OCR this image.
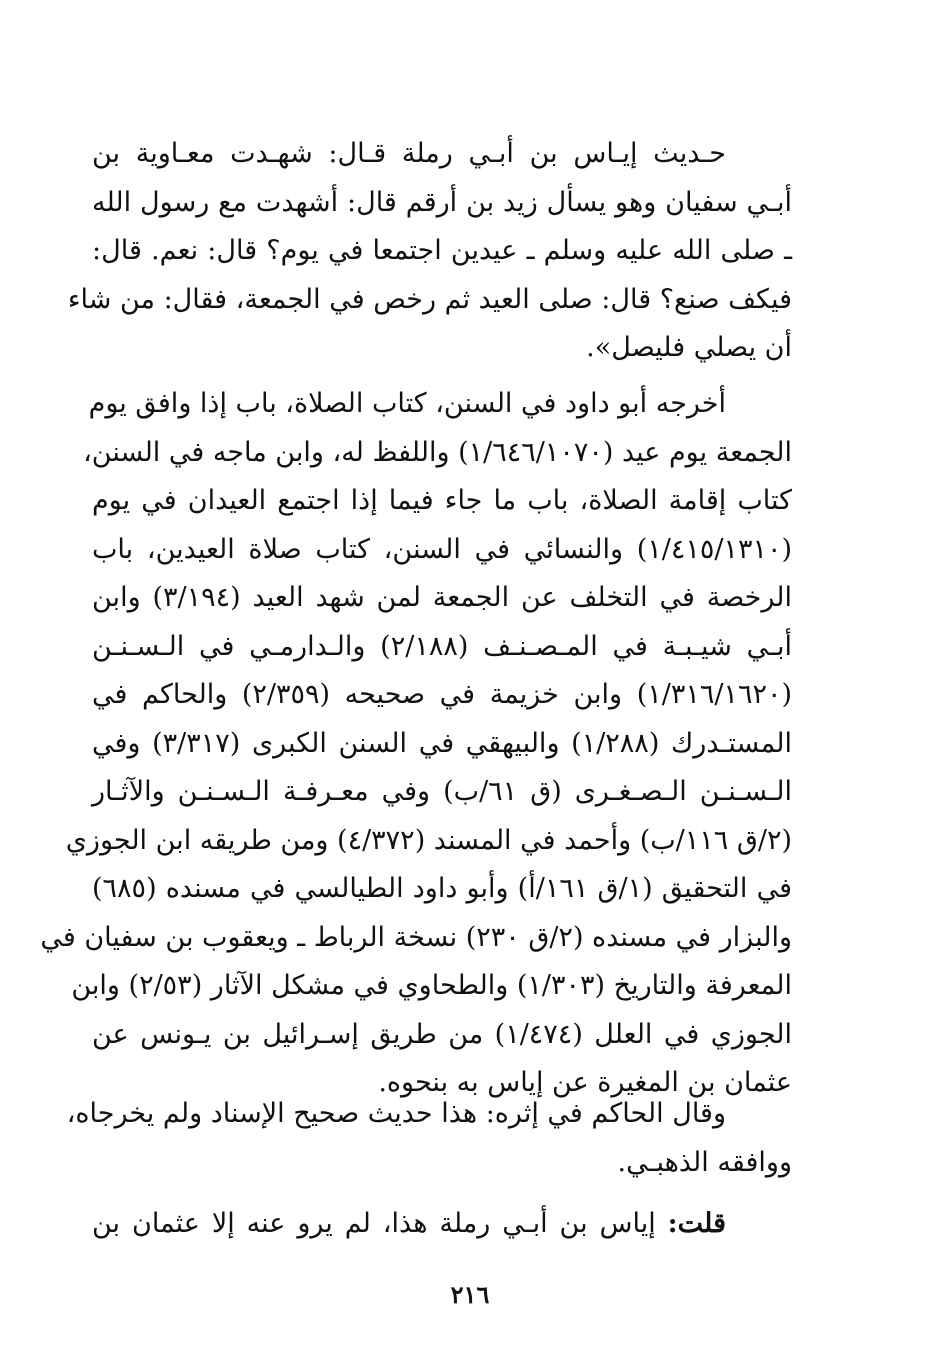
حـديث إيـاس بن أبـي رملة قـال: شهـدت معـاوية بن
أبـي سفيان وهو يسأل زيد بن أرقم قال: أشهدت مع رسول الله
ـ صلى الله عليه وسلم ـ عيدين اجتمعا في يوم؟ قال: نعم. قال:
فيكف صنع؟ قال: صلى العيد ثم رخص في الجمعة، فقال: من شاء
أن يصلي فليصل».
أخرجه أبو داود في السنن، كتاب الصلاة، باب إذا وافق يوم
الجمعة يوم عيد (١/٦٤٦/١٠٧٠) واللفظ له، وابن ماجه في السنن،
كتاب إقامة الصلاة، باب ما جاء فيما إذا اجتمع العيدان في يوم
(١/٤١٥/١٣١٠) والنسائي في السنن، كتاب صلاة العيدين، باب
الرخصة في التخلف عن الجمعة لمن شهد العيد (٣/١٩٤) وابن
أبـي شيـبـة في المـصـنـف (٢/١٨٨) والـدارمـي في الـسـنـن
(١/٣١٦/١٦٢٠) وابن خزيمة في صحيحه (٢/٣٥٩) والحاكم في
المستـدرك (١/٢٨٨) والبيهقي في السنن الكبرى (٣/٣١٧) وفي
الـسـنـن الـصـغـرى (ق ٦١/ب) وفي معـرفـة الـسـنـن والآثـار
(٢/ق ١١٦/ب) وأحمد في المسند (٤/٣٧٢) ومن طريقه ابن الجوزي
في التحقيق (١/ق ١٦١/أ) وأبو داود الطيالسي في مسنده (٦٨٥)
والبزار في مسنده (٢/ق ٢٣٠) نسخة الرباط ـ ويعقوب بن سفيان في
المعرفة والتاريخ (١/٣٠٣) والطحاوي في مشكل الآثار (٢/٥٣) وابن
الجوزي في العلل (١/٤٧٤) من طريق إسـرائيل بن يـونس عن
عثمان بن المغيرة عن إياس به بنحوه.
وقال الحاكم في إثره: هذا حديث صحيح الإسناد ولم يخرجاه،
ووافقه الذهبـي.
قلت: إياس بن أبـي رملة هذا، لم يرو عنه إلا عثمان بن
٢١٦
